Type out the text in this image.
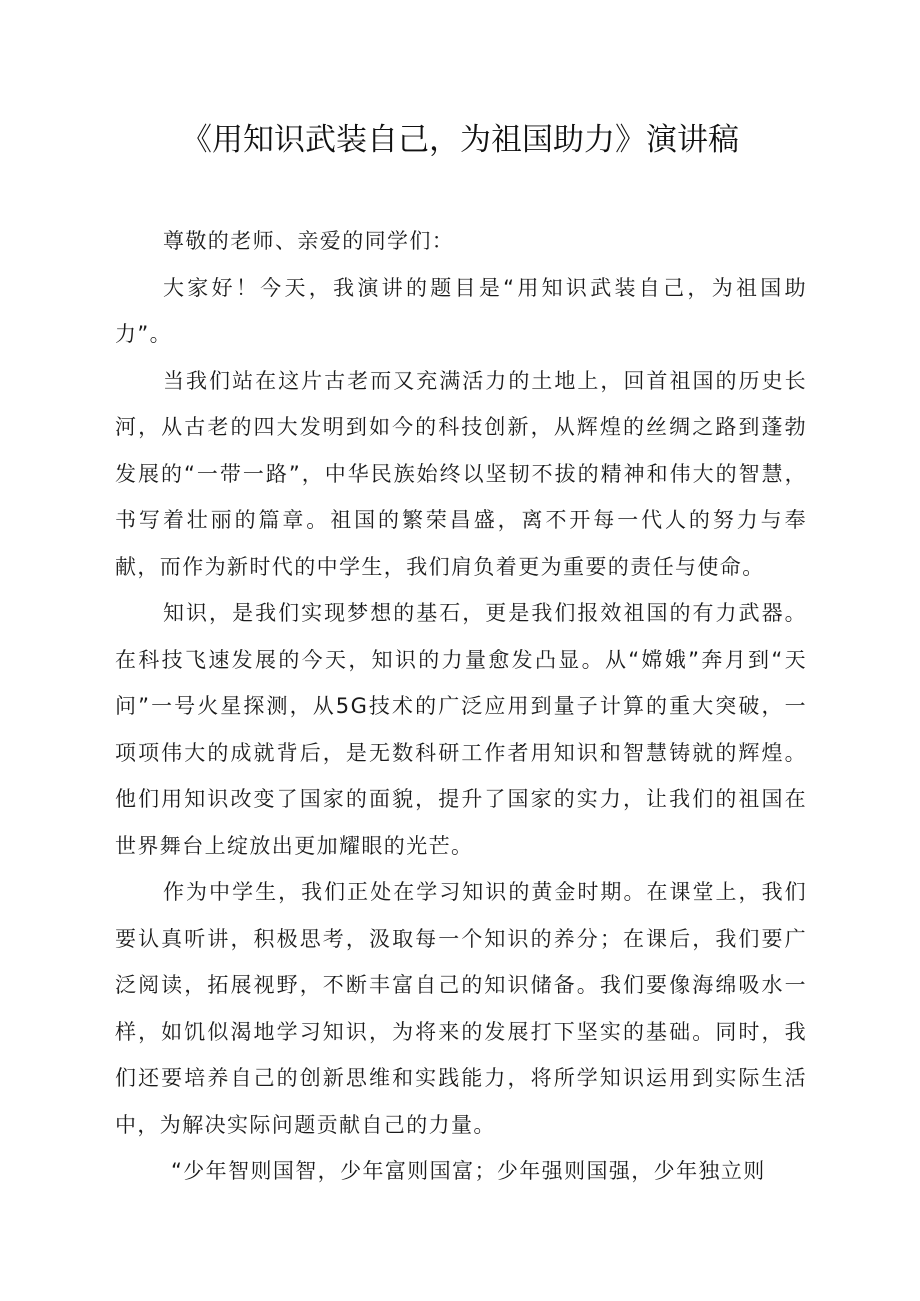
《用知识武装自己，为祖国助力》演讲稿

尊敬的老师、亲爱的同学们：

大家好！今天，我演讲的题目是“用知识武装自己，为祖国助力”。

当我们站在这片古老而又充满活力的土地上，回首祖国的历史长河，从古老的四大发明到如今的科技创新，从辉煌的丝绸之路到蓬勃发展的“一带一路”，中华民族始终以坚韧不拔的精神和伟大的智慧，书写着壮丽的篇章。祖国的繁荣昌盛，离不开每一代人的努力与奉献，而作为新时代的中学生，我们肩负着更为重要的责任与使命。

知识，是我们实现梦想的基石，更是我们报效祖国的有力武器。在科技飞速发展的今天，知识的力量愈发凸显。从“嫦娥”奔月到“天问”一号火星探测，从5G技术的广泛应用到量子计算的重大突破，一项项伟大的成就背后，是无数科研工作者用知识和智慧铸就的辉煌。他们用知识改变了国家的面貌，提升了国家的实力，让我们的祖国在世界舞台上绽放出更加耀眼的光芒。

作为中学生，我们正处在学习知识的黄金时期。在课堂上，我们要认真听讲，积极思考，汲取每一个知识的养分；在课后，我们要广泛阅读，拓展视野，不断丰富自己的知识储备。我们要像海绵吸水一样，如饥似渴地学习知识，为将来的发展打下坚实的基础。同时，我们还要培养自己的创新思维和实践能力，将所学知识运用到实际生活中，为解决实际问题贡献自己的力量。

“少年智则国智，少年富则国富；少年强则国强，少年独立则
